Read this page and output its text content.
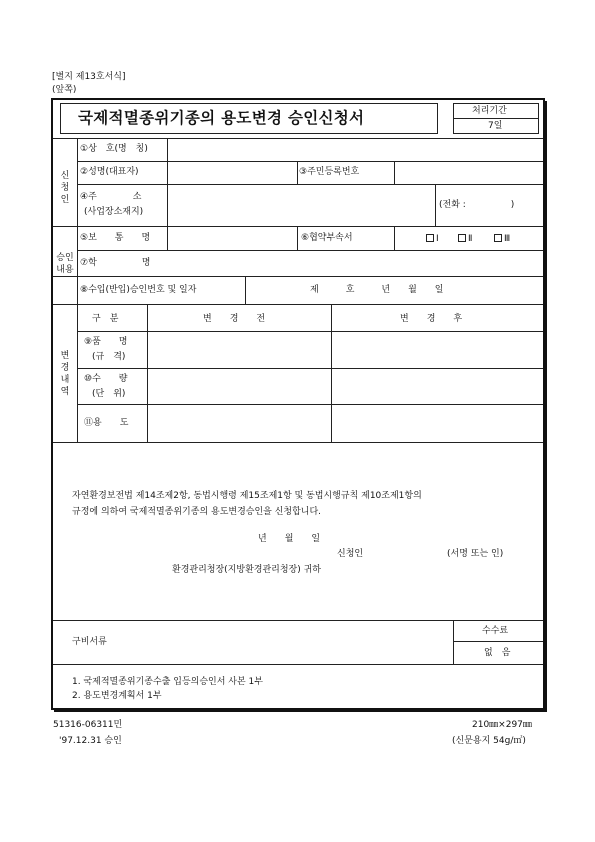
[별지 제13호서식]
(앞쪽)
국제적멸종위기종의 용도변경 승인신청서	처리기간
7일
신
청
인
①상　호(명　칭)
②성명(대표자)	③주민등록번호
④주　　　　소
(사업장소재지)
(전화 :　　　　　)
승인
내용
⑤보　　통　　명	⑥협약부속서	Ⅰ	Ⅱ	Ⅲ
⑦학　　　　　명
⑧수입(반입)승인번호 및 일자	제　　　호　　　년　　월　　일
변
경
내
역
구　분	변　　경　　전	변　　경　　후
⑨품　　명
(규　격)
⑩수　　량
(단　위)
⑪용　　도
자연환경보전법 제14조제2항, 동법시행령 제15조제1항 및 동법시행규칙 제10조제1항의
규정에 의하여 국제적멸종위기종의 용도변경승인을 신청합니다.
년　　월　　일
신청인	(서명 또는 인)
환경관리청장(지방환경관리청장) 귀하
구비서류
수수료
없　음
1. 국제적멸종위기종수출 입등의승인서 사본 1부
2. 용도변경계획서 1부
51316-06311민
'97.12.31 승인
210㎜×297㎜
(신문용지 54g/㎡)
